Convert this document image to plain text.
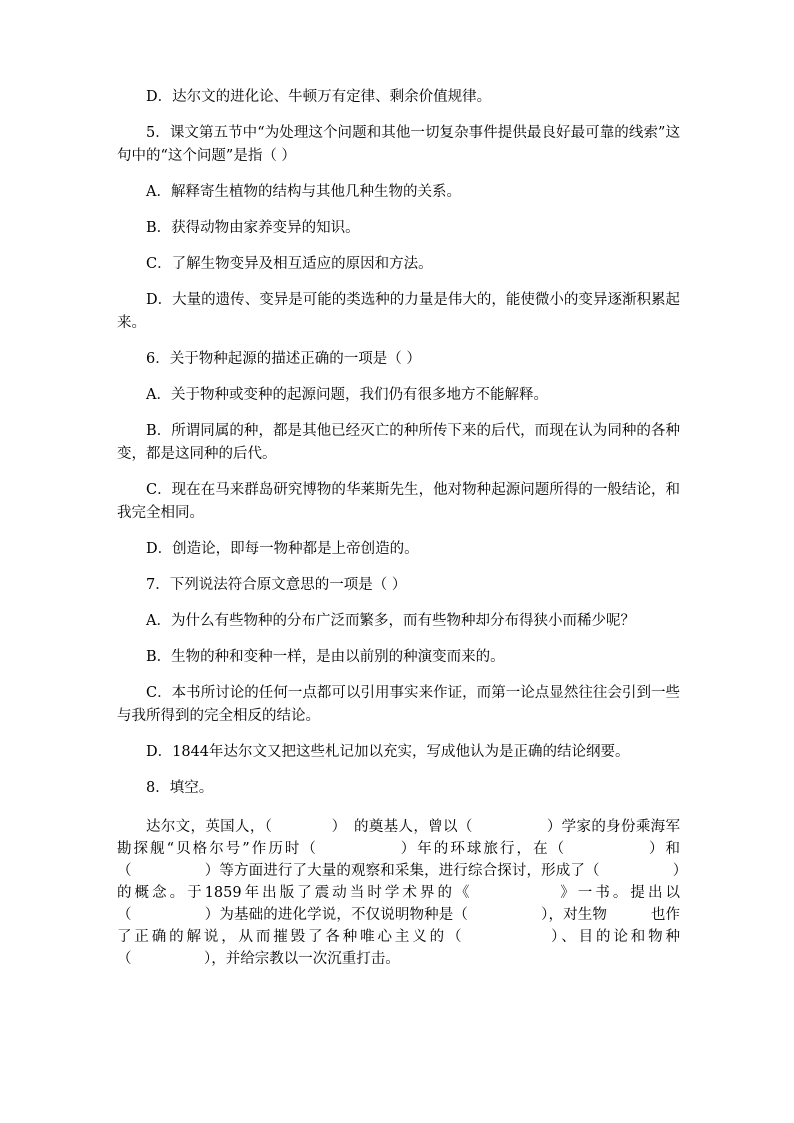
D．达尔文的进化论、牛顿万有定律、剩余价值规律。

5．课文第五节中“为处理这个问题和其他一切复杂事件提供最良好最可靠的线索”这句中的“这个问题”是指（ ）

A．解释寄生植物的结构与其他几种生物的关系。

B．获得动物由家养变异的知识。

C．了解生物变异及相互适应的原因和方法。

D．大量的遗传、变异是可能的类选种的力量是伟大的，能使微小的变异逐渐积累起来。

6．关于物种起源的描述正确的一项是（ ）

A．关于物种或变种的起源问题，我们仍有很多地方不能解释。

B．所谓同属的种，都是其他已经灭亡的种所传下来的后代，而现在认为同种的各种变，都是这同种的后代。

C．现在在马来群岛研究博物的华莱斯先生，他对物种起源问题所得的一般结论，和我完全相同。

D．创造论，即每一物种都是上帝创造的。

7．下列说法符合原文意思的一项是（ ）

A．为什么有些物种的分布广泛而繁多，而有些物种却分布得狭小而稀少呢？

B．生物的种和变种一样，是由以前别的种演变而来的。

C．本书所讨论的任何一点都可以引用事实来作证，而第一论点显然往往会引到一些与我所得到的完全相反的结论。

D．1844年达尔文又把这些札记加以充实，写成他认为是正确的结论纲要。

8．填空。

达尔文，英国人，（　　　　）　的奠基人，曾以（　　　　　）学家的身份乘海军勘探舰“贝格尔号”作历时（　　　　　）年的环球旅行，在（　　　　　）和（　　　　　）等方面进行了大量的观察和采集，进行综合探讨，形成了（　　　　　）的概念。于1859年出版了震动当时学术界的《　　　　　》一书。提出以（　　　　　）为基础的进化学说，不仅说明物种是（　　　　　），对生物　　　也作了正确的解说，从而摧毁了各种唯心主义的（　　　　　）、目的论和物种（　　　　　），并给宗教以一次沉重打击。
